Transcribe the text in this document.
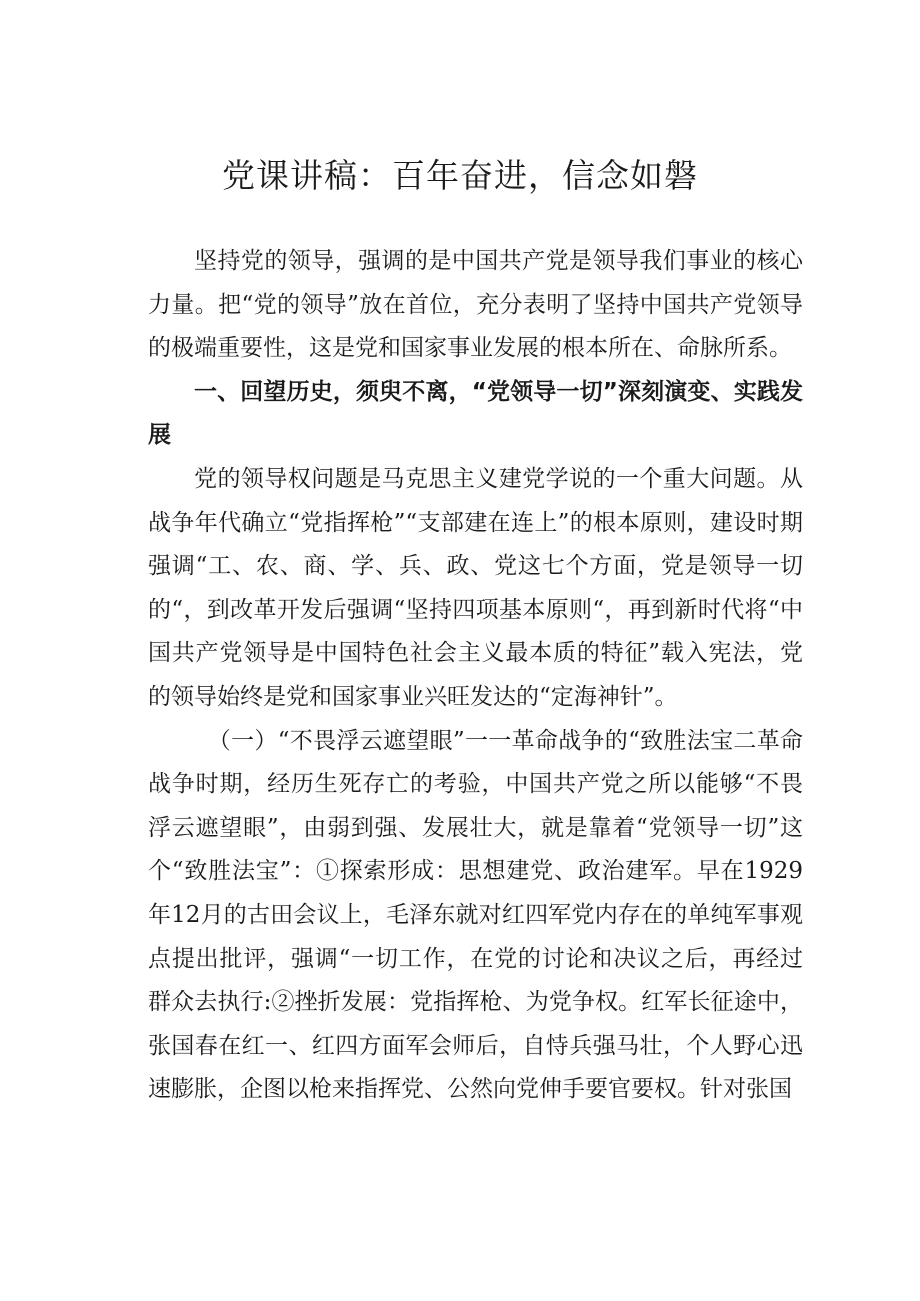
党课讲稿：百年奋进，信念如磐

坚持党的领导，强调的是中国共产党是领导我们事业的核心力量。把“党的领导”放在首位，充分表明了坚持中国共产党领导的极端重要性，这是党和国家事业发展的根本所在、命脉所系。

一、回望历史，须臾不离，“党领导一切”深刻演变、实践发展

党的领导权问题是马克思主义建党学说的一个重大问题。从战争年代确立“党指挥枪”“支部建在连上”的根本原则，建设时期强调“工、农、商、学、兵、政、党这七个方面，党是领导一切的“，到改革开发后强调“坚持四项基本原则“，再到新时代将“中国共产党领导是中国特色社会主义最本质的特征”载入宪法，党的领导始终是党和国家事业兴旺发达的“定海神针”。

（一）“不畏浮云遮望眼”一一革命战争的“致胜法宝二革命战争时期，经历生死存亡的考验，中国共产党之所以能够“不畏浮云遮望眼”，由弱到强、发展壮大，就是靠着“党领导一切”这个“致胜法宝”：①探索形成：思想建党、政治建军。早在1929年12月的古田会议上，毛泽东就对红四军党内存在的单纯军事观点提出批评，强调“一切工作，在党的讨论和决议之后，再经过群众去执行:②挫折发展：党指挥枪、为党争权。红军长征途中，张国春在红一、红四方面军会师后，自恃兵强马壮，个人野心迅速膨胀，企图以枪来指挥党、公然向党伸手要官要权。针对张国
